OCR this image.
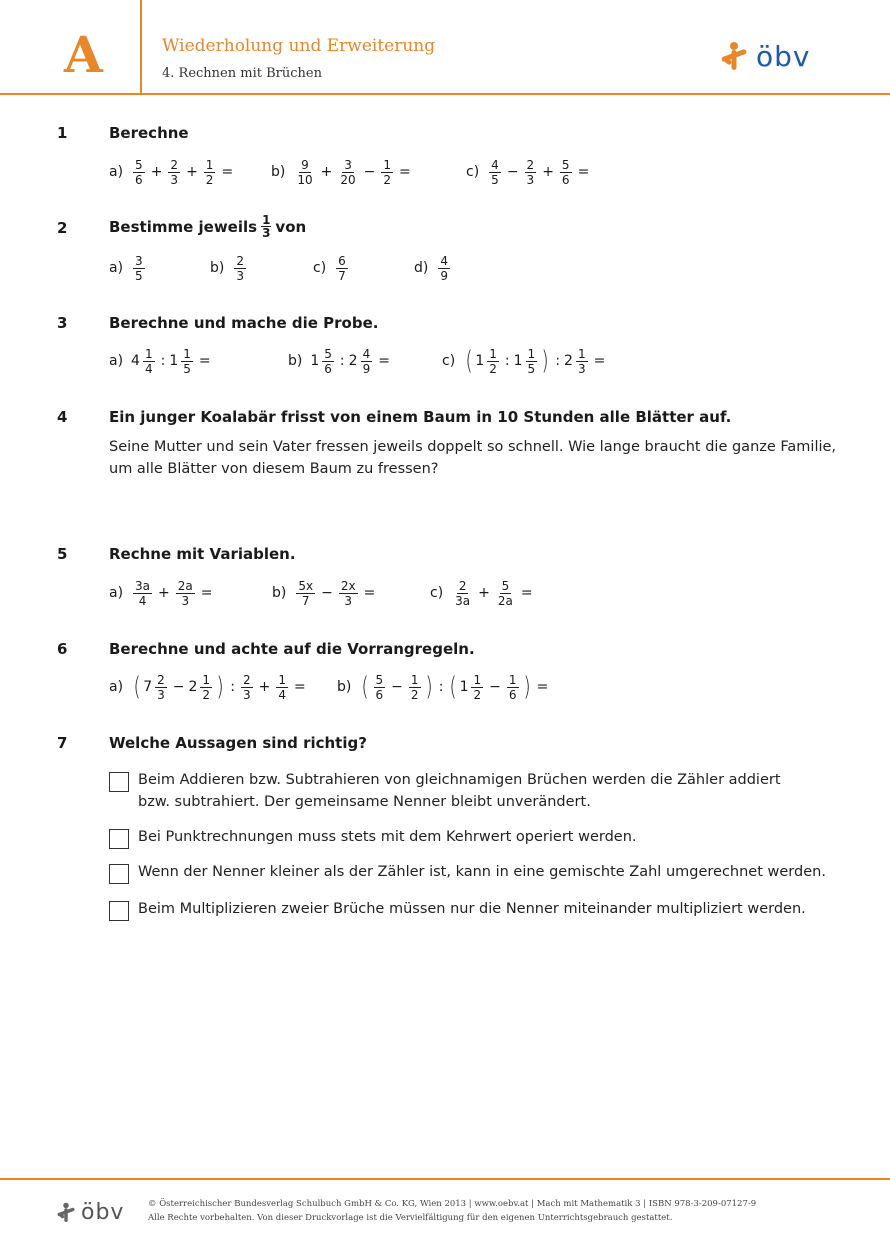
A	Wiederholung und Erweiterung
4. Rechnen mit Brüchen
öbv
1	Berechne
$a) \frac{5}{6} + \frac{2}{3} + \frac{1}{2}$ =	$b) \frac{9}{10} + \frac{3}{20} - \frac{1}{2}$ =	$c) \frac{4}{5} - \frac{2}{3} + \frac{5}{6}$ =
2	Bestimme jeweils $\frac{1}{3}$ von
$a) \frac{3}{5}$	$b) \frac{2}{3}$	$c) \frac{6}{7}$	$d) \frac{4}{9}$
3	Berechne und mache die Probe.
a) $4 \frac{1}{4}$ : $1 \frac{1}{5}$ =	b) $1 \frac{5}{6}$ : $2 \frac{4}{9}$ =	c) ( $1 \frac{1}{2}$ : $1 \frac{1}{5}$ ) : $2 \frac{1}{3}$ =
4	Ein junger Koalabär frisst von einem Baum in 10 Stunden alle Blätter auf.
Seine Mutter und sein Vater fressen jeweils doppelt so schnell. Wie lange braucht die ganze Familie,
um alle Blätter von diesem Baum zu fressen?
5	Rechne mit Variablen.
$a) \frac{3a}{4} + \frac{2a}{3}$ =	$b) \frac{5x}{7} - \frac{2x}{3}$ =	$c) \frac{2}{3a} + \frac{5}{2a}$ =
6	Berechne und achte auf die Vorrangregeln.
a) ( $7 \frac{2}{3} - 2 \frac{1}{2}$ ) : $\frac{2}{3} + \frac{1}{4} = b$) ( $\frac{5}{6} - \frac{1}{2}$ ) : ( $1 \frac{1}{2} - \frac{1}{6}$ ) =
7	Welche Aussagen sind richtig?
Beim Addieren bzw. Subtrahieren von gleichnamigen Brüchen werden die Zähler addiert
bzw. subtrahiert. Der gemeinsame Nenner bleibt unverändert.
Bei Punktrechnungen muss stets mit dem Kehrwert operiert werden.
Wenn der Nenner kleiner als der Zähler ist, kann in eine gemischte Zahl umgerechnet werden.
Beim Multiplizieren zweier Brüche müssen nur die Nenner miteinander multipliziert werden.
öbv	© Österreichischer Bundesverlag Schulbuch GmbH & Co. KG, Wien 2013 | www.oebv.at | Mach mit Mathematik 3 | ISBN 978-3-209-07127-9
Alle Rechte vorbehalten. Von dieser Druckvorlage ist die Vervielfältigung für den eigenen Unterrichtsgebrauch gestattet.
